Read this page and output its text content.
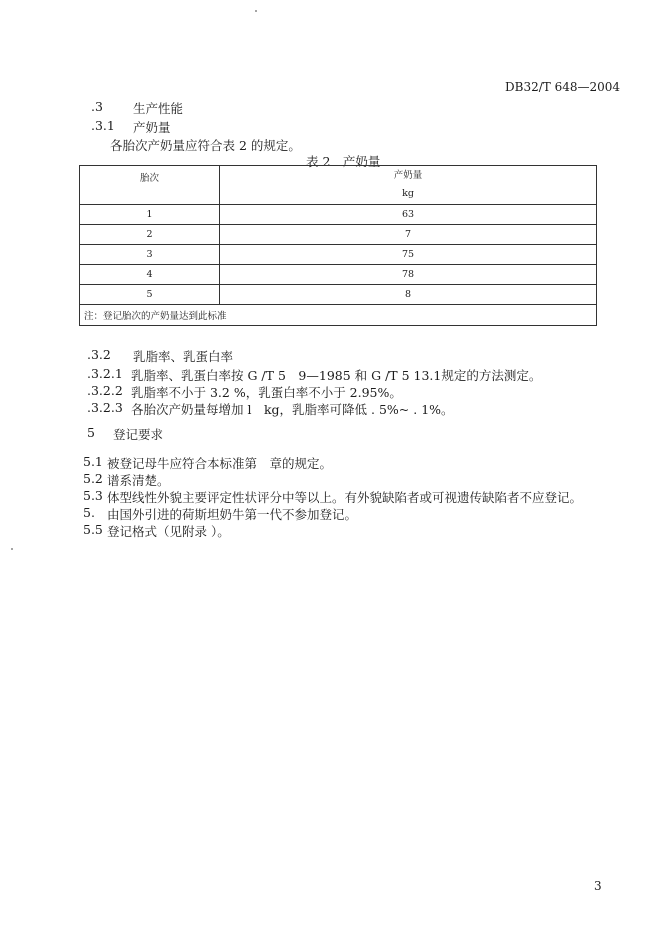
DB32/T 648—2004
.3 生产性能
.3.1 产奶量
各胎次产奶量应符合表 2 的规定。
表 2　产奶量
胎次	产奶量
kg

1	63
2	7
3	75
4	78
5	8
注：登记胎次的产奶量达到此标准	
.3.2 乳脂率、乳蛋白率
.3.2.1 乳脂率、乳蛋白率按 G /T 5　9—1985 和 G /T 5 13.1规定的方法测定。
.3.2.2 乳脂率不小于 3.2 %，乳蛋白率不小于 2.95%。
.3.2.3 各胎次产奶量每增加 l　kg，乳脂率可降低 . 5%~ . 1%。
5 登记要求
5.1 被登记母牛应符合本标准第　章的规定。
5.2 谱系清楚。
5.3 体型线性外貌主要评定性状评分中等以上。有外貌缺陷者或可视遗传缺陷者不应登记。
5. 由国外引进的荷斯坦奶牛第一代不参加登记。
5.5 登记格式（见附录 ）。
3
